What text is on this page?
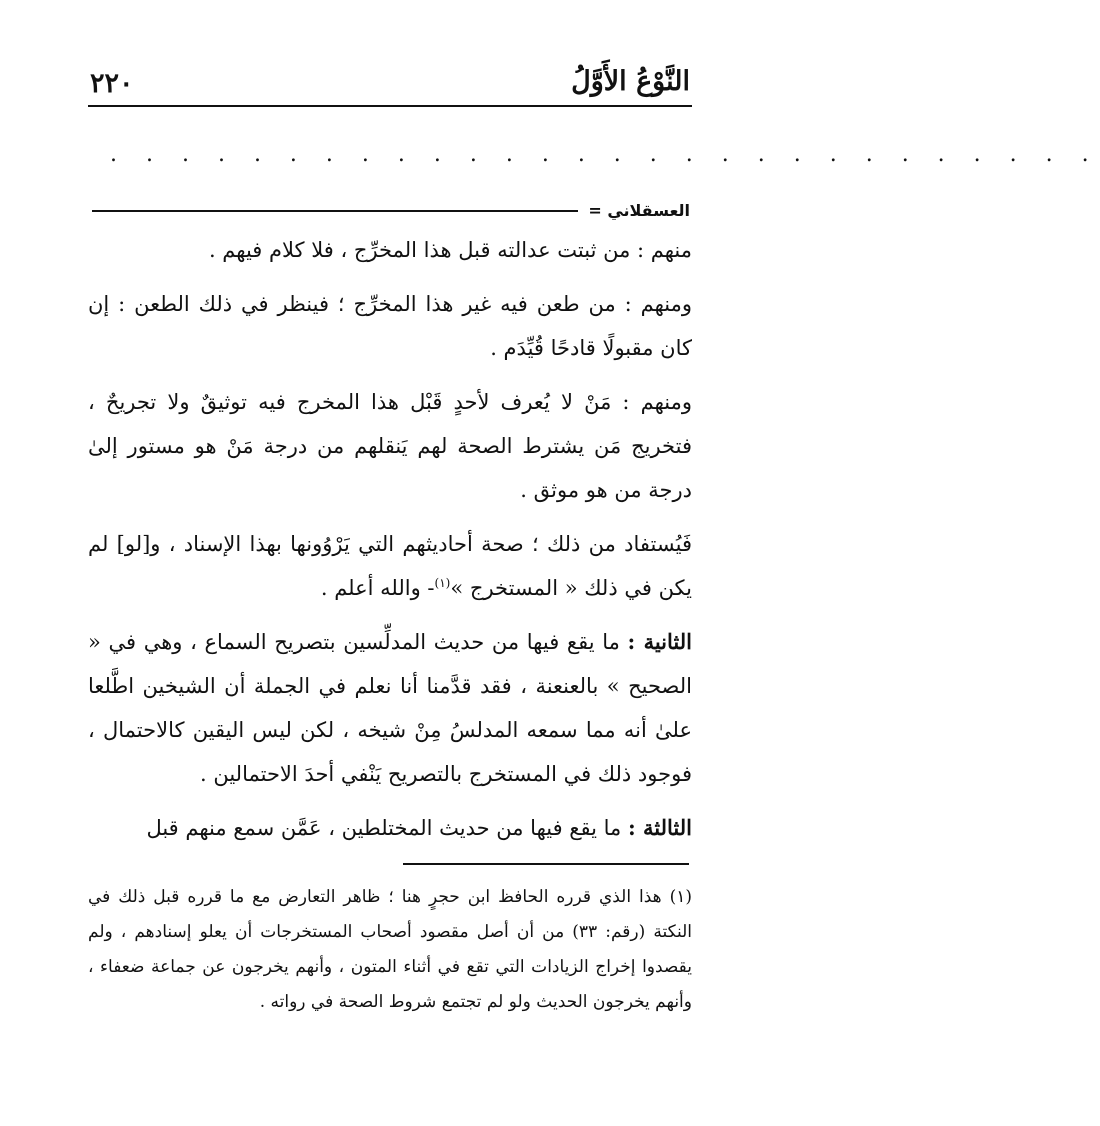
النَّوْعُ الأَوَّلُ
٢٢٠
. . . . . . . . . . . . . . . . . . . . . . . . . . . .
العسقلاني =

منهم : من ثبتت عدالته قبل هذا المخرِّج ، فلا كلام فيهم .

ومنهم : من طعن فيه غير هذا المخرِّج ؛ فينظر في ذلك الطعن : إن كان مقبولًا قادحًا قُيِّدَم .

ومنهم : مَنْ لا يُعرف لأحدٍ قَبْل هذا المخرج فيه توثيقٌ ولا تجريحٌ ، فتخريج مَن يشترط الصحة لهم يَنقلهم من درجة مَنْ هو مستور إلىٰ درجة من هو موثق .

فَيُستفاد من ذلك ؛ صحة أحاديثهم التي يَرْوُونها بهذا الإسناد ، و[لو] لم يكن في ذلك « المستخرج »$^{(١)}$- والله أعلم .

الثانية : ما يقع فيها من حديث المدلِّسين بتصريح السماع ، وهي في « الصحيح » بالعنعنة ، فقد قدَّمنا أنا نعلم في الجملة أن الشيخين اطَّلعا علىٰ أنه مما سمعه المدلسُ مِنْ شيخه ، لكن ليس اليقين كالاحتمال ، فوجود ذلك في المستخرج بالتصريح يَنْفي أحدَ الاحتمالين .

الثالثة : ما يقع فيها من حديث المختلطين ، عَمَّن سمع منهم قبل

(١) هذا الذي قرره الحافظ ابن حجرٍ هنا ؛ ظاهر التعارض مع ما قرره قبل ذلك في النكتة (رقم: ٣٣) من أن أصل مقصود أصحاب المستخرجات أن يعلو إسنادهم ، ولم يقصدوا إخراج الزيادات التي تقع في أثناء المتون ، وأنهم يخرجون عن جماعة ضعفاء ، وأنهم يخرجون الحديث ولو لم تجتمع شروط الصحة في رواته .
